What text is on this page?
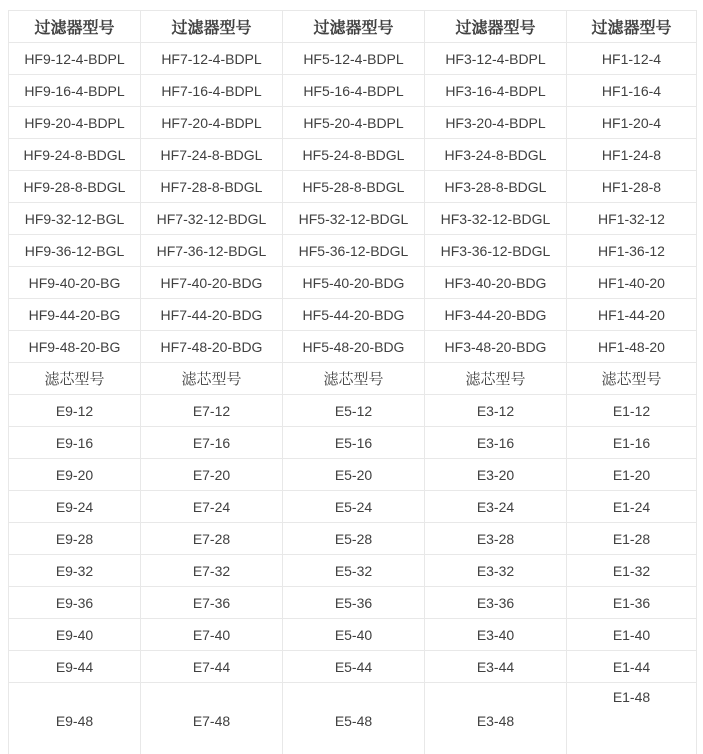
过滤器型号	过滤器型号	过滤器型号	过滤器型号	过滤器型号
HF9-12-4-BDPL	HF7-12-4-BDPL	HF5-12-4-BDPL	HF3-12-4-BDPL	HF1-12-4
HF9-16-4-BDPL	HF7-16-4-BDPL	HF5-16-4-BDPL	HF3-16-4-BDPL	HF1-16-4
HF9-20-4-BDPL	HF7-20-4-BDPL	HF5-20-4-BDPL	HF3-20-4-BDPL	HF1-20-4
HF9-24-8-BDGL	HF7-24-8-BDGL	HF5-24-8-BDGL	HF3-24-8-BDGL	HF1-24-8
HF9-28-8-BDGL	HF7-28-8-BDGL	HF5-28-8-BDGL	HF3-28-8-BDGL	HF1-28-8
HF9-32-12-BGL	HF7-32-12-BDGL	HF5-32-12-BDGL	HF3-32-12-BDGL	HF1-32-12
HF9-36-12-BGL	HF7-36-12-BDGL	HF5-36-12-BDGL	HF3-36-12-BDGL	HF1-36-12
HF9-40-20-BG	HF7-40-20-BDG	HF5-40-20-BDG	HF3-40-20-BDG	HF1-40-20
HF9-44-20-BG	HF7-44-20-BDG	HF5-44-20-BDG	HF3-44-20-BDG	HF1-44-20
HF9-48-20-BG	HF7-48-20-BDG	HF5-48-20-BDG	HF3-48-20-BDG	HF1-48-20
滤芯型号	滤芯型号	滤芯型号	滤芯型号	滤芯型号
E9-12	E7-12	E5-12	E3-12	E1-12
E9-16	E7-16	E5-16	E3-16	E1-16
E9-20	E7-20	E5-20	E3-20	E1-20
E9-24	E7-24	E5-24	E3-24	E1-24
E9-28	E7-28	E5-28	E3-28	E1-28
E9-32	E7-32	E5-32	E3-32	E1-32
E9-36	E7-36	E5-36	E3-36	E1-36
E9-40	E7-40	E5-40	E3-40	E1-40
E9-44	E7-44	E5-44	E3-44	E1-44
E9-48	E7-48	E5-48	E3-48	E1-48
